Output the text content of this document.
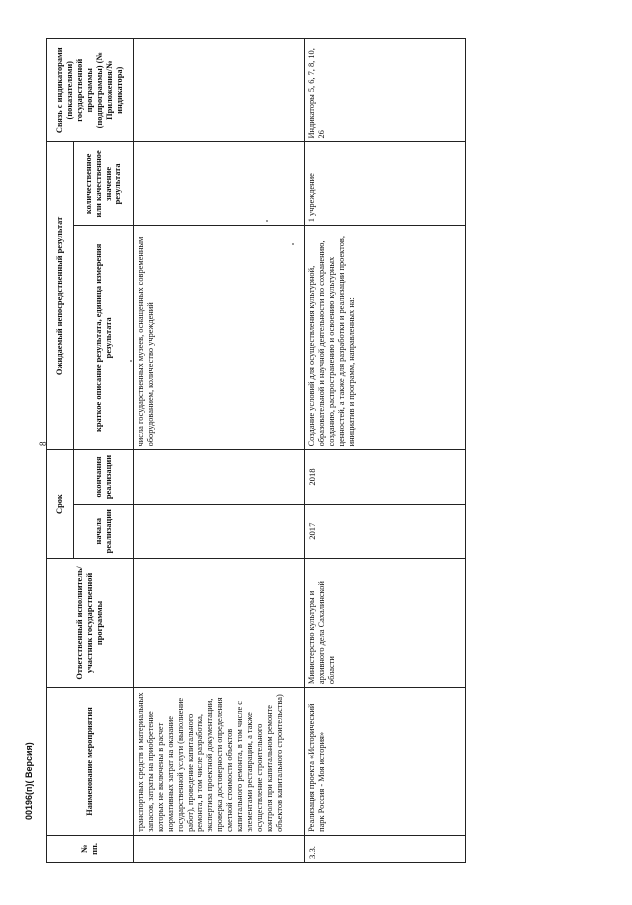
8
00196(п)( Версия)
№ пп.	Наименование мероприятия	Ответственный исполнитель/участник государственной программы	Срок		Ожидаемый непосредственный результат		Связь с индикаторами (показателями) государственной программы (подпрограммы) (№ Приложения/№ индикатора)
			начала реализации	окончания реализации	краткое описание результата, единица измерения результата	количественное или качественное значение результата	
	транспортных средств и материальных запасов, затраты на приобретение которых не включены в расчет нормативных затрат на оказание государственной услуги (выполнение работ), проведение капитального ремонта, в том числе разработка, экспертиза проектной документации, проверка достоверности определения сметной стоимости объектов капитального ремонта, в том числе с элементами реставрации, а также осуществление строительного контроля при капитальном ремонте объектов капитального строительства)				числа государственных музеев, оснащенных современным оборудованием, количество учреждений		
3.3.	Реализация проекта «Исторический парк Россия - Моя история»	Министерство культуры и архивного дела Сахалинской области	2017	2018	Создание условий для осуществления культурной, образовательной и научной деятельности по сохранению, созданию, распространению и освоению культурных ценностей, а также для разработки и реализации проектов, инициатив и программ, направленных на:	1 учреждение	Индикаторы 5, 6, 7, 8, 10, 26
